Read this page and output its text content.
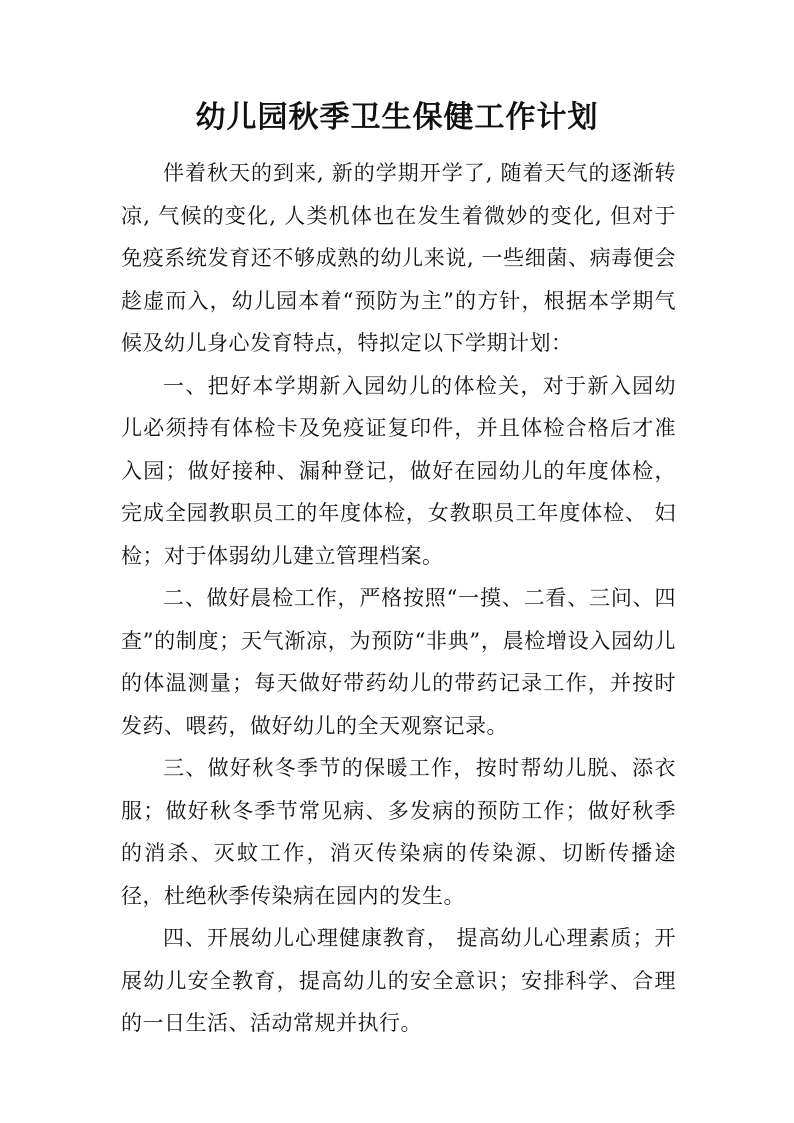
幼儿园秋季卫生保健工作计划

伴着秋天的到来, 新的学期开学了, 随着天气的逐渐转凉, 气候的变化, 人类机体也在发生着微妙的变化, 但对于免疫系统发育还不够成熟的幼儿来说, 一些细菌、病毒便会趁虚而入，幼儿园本着“预防为主”的方针，根据本学期气候及幼儿身心发育特点，特拟定以下学期计划：

一、把好本学期新入园幼儿的体检关，对于新入园幼儿必须持有体检卡及免疫证复印件，并且体检合格后才准入园；做好接种、漏种登记，做好在园幼儿的年度体检，完成全园教职员工的年度体检，女教职员工年度体检、 妇检；对于体弱幼儿建立管理档案。

二、做好晨检工作，严格按照“一摸、二看、三问、四查”的制度；天气渐凉，为预防“非典”，晨检增设入园幼儿的体温测量；每天做好带药幼儿的带药记录工作，并按时发药、喂药，做好幼儿的全天观察记录。

三、做好秋冬季节的保暖工作，按时帮幼儿脱、添衣服；做好秋冬季节常见病、多发病的预防工作；做好秋季的消杀、灭蚊工作，消灭传染病的传染源、切断传播途径，杜绝秋季传染病在园内的发生。

四、开展幼儿心理健康教育， 提高幼儿心理素质；开展幼儿安全教育，提高幼儿的安全意识；安排科学、合理的一日生活、活动常规并执行。
